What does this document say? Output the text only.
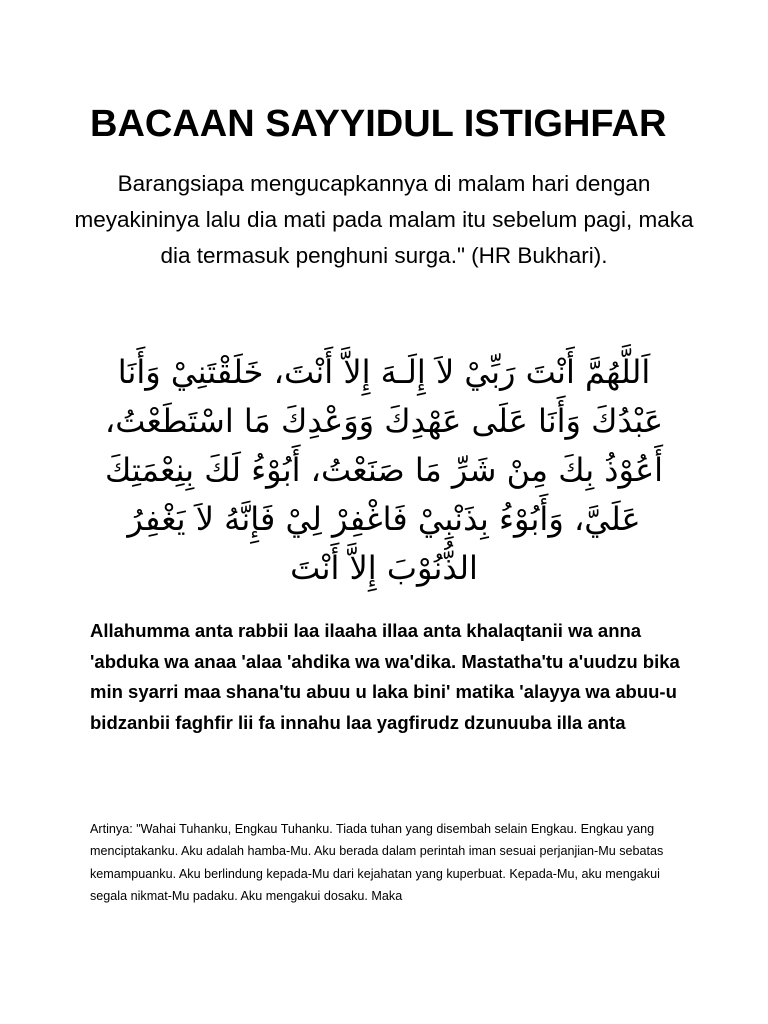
BACAAN SAYYIDUL ISTIGHFAR

Barangsiapa mengucapkannya di malam hari dengan meyakininya lalu dia mati pada malam itu sebelum pagi, maka dia termasuk penghuni surga." (HR Bukhari).

اَللَّهُمَّ أَنْتَ رَبِّيْ لاَ إِلَـهَ إِلاَّ أَنْتَ، خَلَقْتَنِيْ وَأَنَا عَبْدُكَ وَأَنَا عَلَى عَهْدِكَ وَوَعْدِكَ مَا اسْتَطَعْتُ، أَعُوْذُ بِكَ مِنْ شَرِّ مَا صَنَعْتُ، أَبُوْءُ لَكَ بِنِعْمَتِكَ عَلَيَّ، وَأَبُوْءُ بِذَنْبِيْ فَاغْفِرْ لِيْ فَإِنَّهُ لاَ يَغْفِرُ الذُّنُوْبَ إِلاَّ أَنْتَ

Allahumma anta rabbii laa ilaaha illaa anta khalaqtanii wa anna 'abduka wa anaa 'alaa 'ahdika wa wa'dika. Mastatha'tu a'uudzu bika min syarri maa shana'tu abuu u laka bini' matika 'alayya wa abuu-u bidzanbii faghfir lii fa innahu laa yagfirudz dzunuuba illa anta

Artinya: "Wahai Tuhanku, Engkau Tuhanku. Tiada tuhan yang disembah selain Engkau. Engkau yang menciptakanku. Aku adalah hamba-Mu. Aku berada dalam perintah iman sesuai perjanjian-Mu sebatas kemampuanku. Aku berlindung kepada-Mu dari kejahatan yang kuperbuat. Kepada-Mu, aku mengakui segala nikmat-Mu padaku. Aku mengakui dosaku. Maka
